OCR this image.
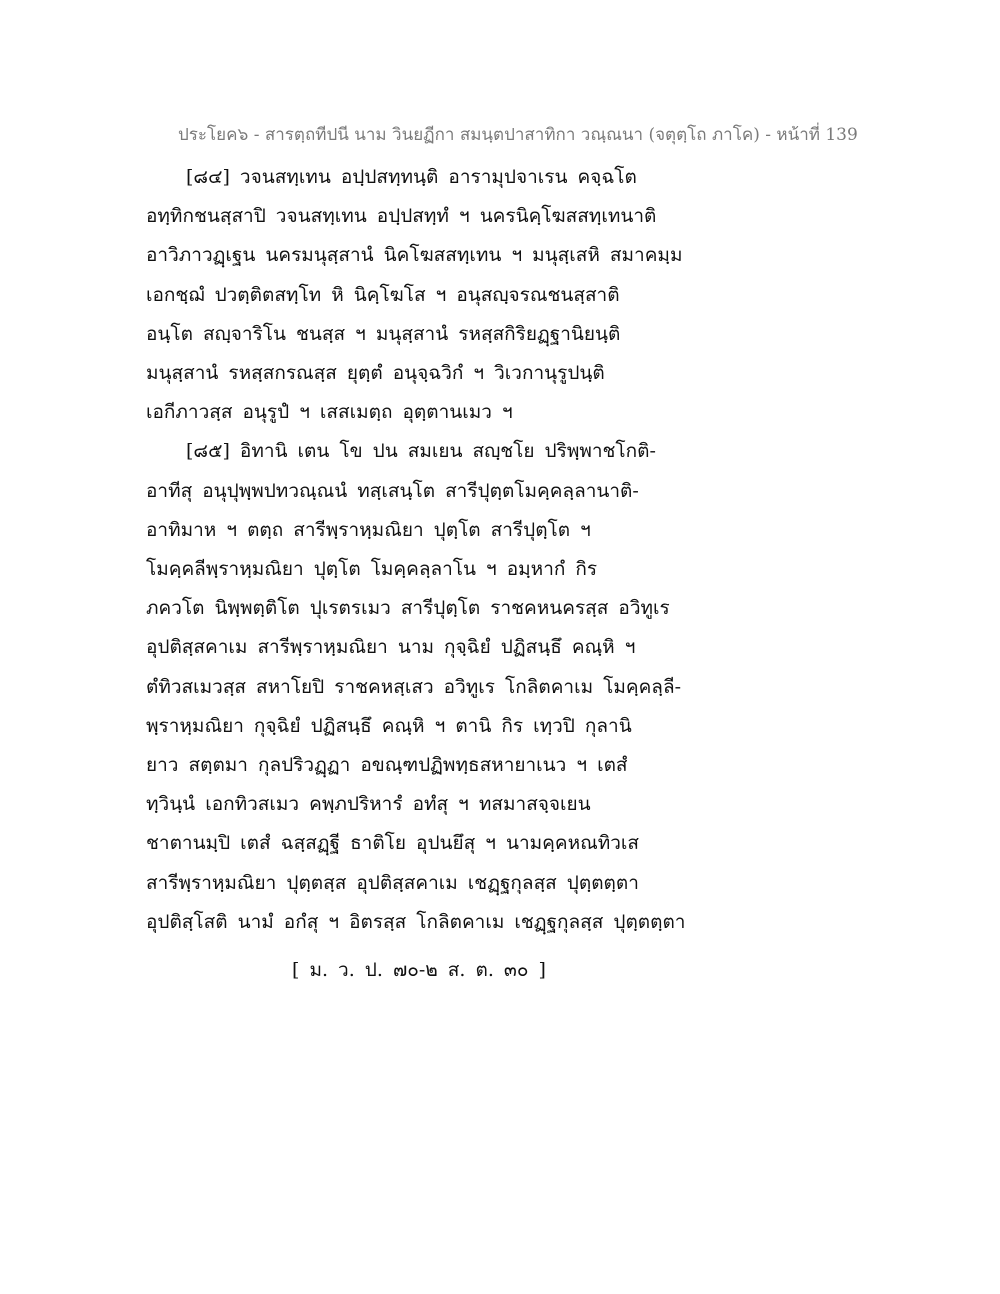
ประโยค๖ - สารตฺถทีปนี นาม วินยฏีกา สมนฺตปาสาทิกา วณฺณนา (จตุตฺโถ ภาโค) - หน้าที่ 139
[๘๔] วจนสทฺเทน อปฺปสทฺทนฺติ อารามุปจาเรน คจฺฉโต
อทฺทิกชนสฺสาปิ วจนสทฺเทน อปฺปสทฺทํ ฯ นครนิคฺโฆสสทฺเทนาติ
อาวิภาวฏฺเฐน นครมนุสฺสานํ นิคโฆสสทฺเทน ฯ มนุสฺเสหิ สมาคมฺม
เอกชฺฌํ ปวตฺติตสทฺโท หิ นิคฺโฆโส ฯ อนุสญฺจรณชนสฺสาติ
อนฺโต สญฺจาริโน ชนสฺส ฯ มนุสฺสานํ รหสฺสกิริยฏฺฐานิยนฺติ
มนุสฺสานํ รหสฺสกรณสฺส ยุตฺตํ อนุจฺฉวิกํ ฯ วิเวกานุรูปนฺติ
เอกีภาวสฺส อนุรูปํ ฯ เสสเมตฺถ อุตฺตานเมว ฯ
[๘๕] อิทานิ เตน โข ปน สมเยน สญฺชโย ปริพฺพาชโกติ-
อาทีสุ อนุปุพฺพปทวณฺณนํ ทสฺเสนฺโต สารีปุตฺตโมคฺคลฺลานาติ-
อาทิมาห ฯ ตตฺถ สารีพฺราหฺมณิยา ปุตฺโต สารีปุตฺโต ฯ
โมคฺคลีพฺราหฺมณิยา ปุตฺโต โมคฺคลฺลาโน ฯ อมฺหากํ กิร
ภควโต นิพฺพตฺติโต ปุเรตรเมว สารีปุตฺโต ราชคหนครสฺส อวิทูเร
อุปติสฺสคาเม สารีพฺราหฺมณิยา นาม กุจฺฉิยํ ปฏิสนฺธึ คณฺหิ ฯ
ตํทิวสเมวสฺส สหาโยปิ ราชคหสฺเสว อวิทูเร โกลิตคาเม โมคฺคลฺลี-
พฺราหฺมณิยา กุจฺฉิยํ ปฏิสนฺธึ คณฺหิ ฯ ตานิ กิร เทฺวปิ กุลานิ
ยาว สตฺตมา กุลปริวฏฺฏา อขณฺฑปฏิพทฺธสหายาเนว ฯ เตสํ
ทฺวินฺนํ เอกทิวสเมว คพฺภปริหารํ อทํสุ ฯ ทสมาสจฺจเยน
ชาตานมฺปิ เตสํ ฉสฺสฏฺฐี ธาติโย อุปนยึสุ ฯ นามคฺคหณทิวเส
สารีพฺราหฺมณิยา ปุตฺตสฺส อุปติสฺสคาเม เชฏฺฐกุลสฺส ปุตฺตตฺตา
อุปติสฺโสติ นามํ อกํสุ ฯ อิตรสฺส โกลิตคาเม เชฏฺฐกุลสฺส ปุตฺตตฺตา
[ ม. ว. ป. ๗๐-๒ ส. ต. ๓๐ ]
